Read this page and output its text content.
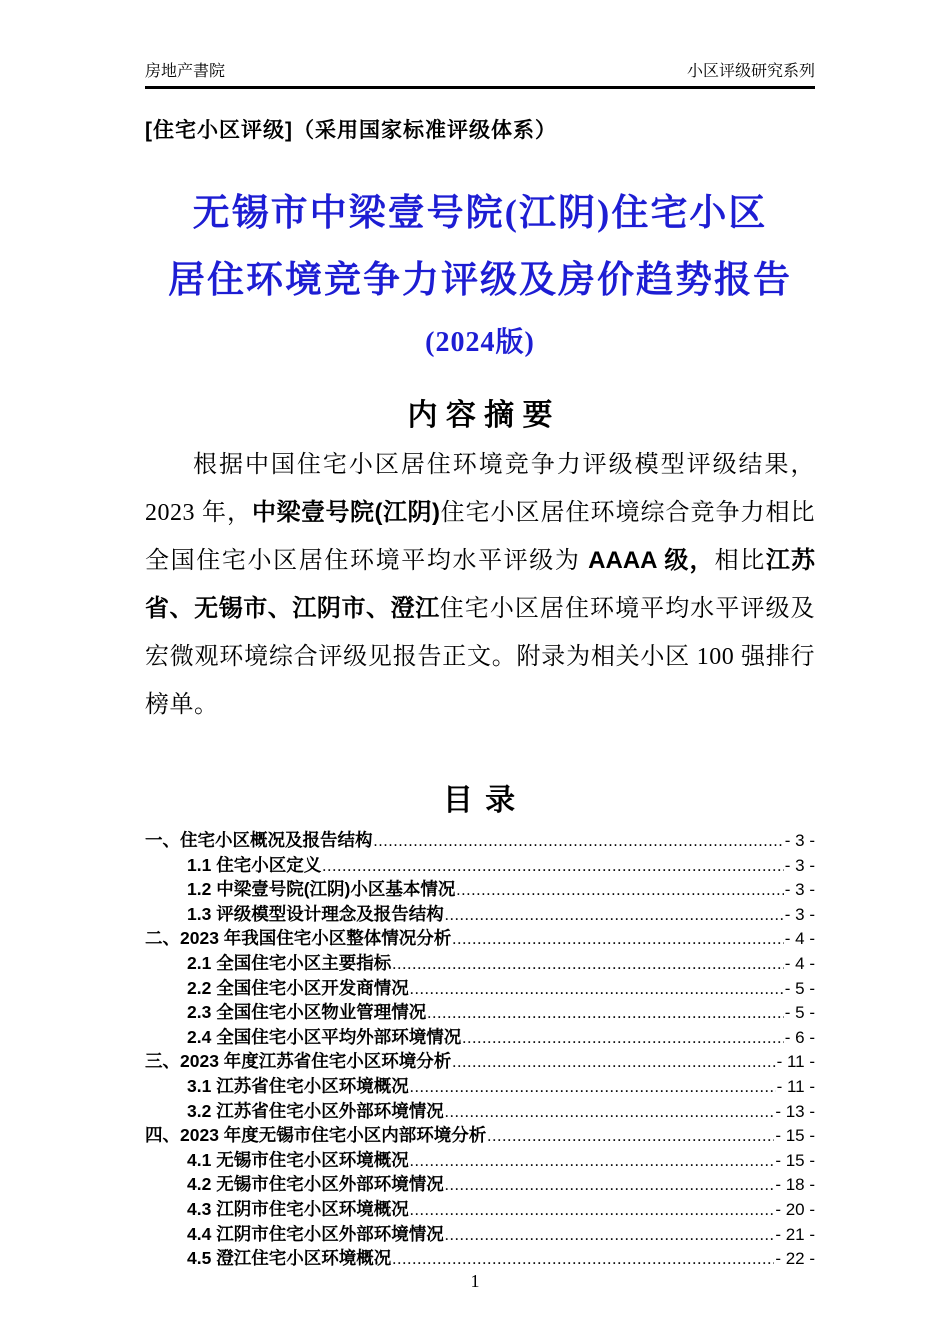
房地产書院	小区评级研究系列
[住宅小区评级]（采用国家标准评级体系）
无锡市中梁壹号院(江阴)住宅小区
居住环境竞争力评级及房价趋势报告
(2024版)
内 容 摘 要
根据中国住宅小区居住环境竞争力评级模型评级结果，2023 年，中梁壹号院(江阴)住宅小区居住环境综合竞争力相比全国住宅小区居住环境平均水平评级为 AAAA 级，相比江苏省、无锡市、江阴市、澄江住宅小区居住环境平均水平评级及宏微观环境综合评级见报告正文。附录为相关小区 100 强排行榜单。
目 录
一、住宅小区概况及报告结构 .....	- 3 -
1.1 住宅小区定义 .....	- 3 -
1.2 中梁壹号院(江阴)小区基本情况 .....	- 3 -
1.3 评级模型设计理念及报告结构 .....	- 3 -
二、2023 年我国住宅小区整体情况分析 .....	- 4 -
2.1 全国住宅小区主要指标 .....	- 4 -
2.2 全国住宅小区开发商情况 .....	- 5 -
2.3 全国住宅小区物业管理情况 .....	- 5 -
2.4 全国住宅小区平均外部环境情况 .....	- 6 -
三、2023 年度江苏省住宅小区环境分析 .....	- 11 -
3.1 江苏省住宅小区环境概况 .....	- 11 -
3.2 江苏省住宅小区外部环境情况 .....	- 13 -
四、2023 年度无锡市住宅小区内部环境分析 .....	- 15 -
4.1 无锡市住宅小区环境概况 .....	- 15 -
4.2 无锡市住宅小区外部环境情况 .....	- 18 -
4.3 江阴市住宅小区环境概况 .....	- 20 -
4.4 江阴市住宅小区外部环境情况 .....	- 21 -
4.5 澄江住宅小区环境概况 .....	- 22 -
1
